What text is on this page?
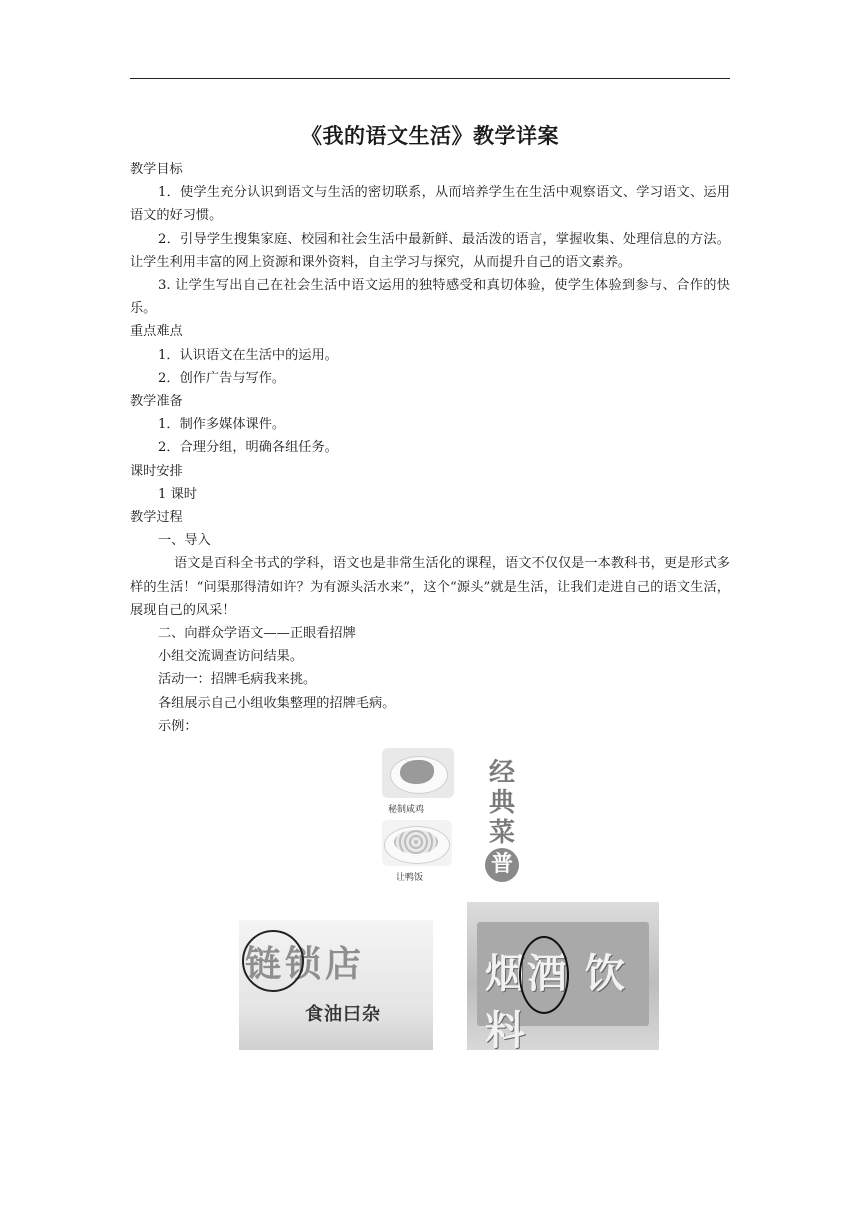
《我的语文生活》教学详案

教学目标

1．使学生充分认识到语文与生活的密切联系，从而培养学生在生活中观察语文、学习语文、运用语文的好习惯。

2．引导学生搜集家庭、校园和社会生活中最新鲜、最活泼的语言，掌握收集、处理信息的方法。让学生利用丰富的网上资源和课外资料，自主学习与探究，从而提升自己的语文素养。

3. 让学生写出自己在社会生活中语文运用的独特感受和真切体验，使学生体验到参与、合作的快乐。

重点难点

1．认识语文在生活中的运用。

2．创作广告与写作。

教学准备

1．制作多媒体课件。

2．合理分组，明确各组任务。

课时安排

1 课时

教学过程

一、导入

语文是百科全书式的学科，语文也是非常生活化的课程，语文不仅仅是一本教科书，更是形式多样的生活！“问渠那得清如许？为有源头活水来”，这个“源头”就是生活，让我们走进自己的语文生活，展现自己的风采！

二、向群众学语文——正眼看招牌

小组交流调查访问结果。

活动一：招牌毛病我来挑。

各组展示自己小组收集整理的招牌毛病。

示例：

秘制咸鸡
让鸭饭
经
典
菜
普
链锁店
食油曰杂
烟酒 饮料
